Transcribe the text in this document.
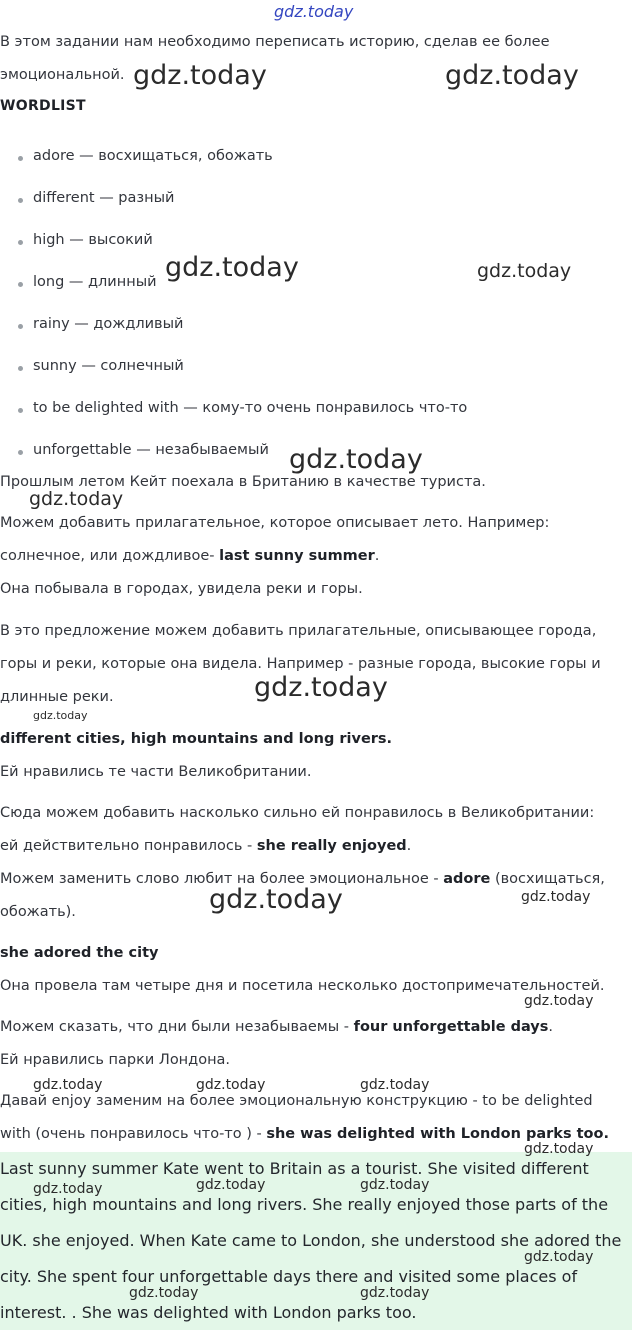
gdz.today
В этом задании нам необходимо переписать историю, сделав ее более
эмоциональной.
WORDLIST
adore — восхищаться, обожать
different — разный
high — высокий
long — длинный
rainy — дождливый
sunny — солнечный
to be delighted with — кому-то очень понравилось что-то
unforgettable — незабываемый
Прошлым летом Кейт поехала в Британию в качестве туриста.
Можем добавить прилагательное, которое описывает лето. Например:
солнечное, или дождливое- last sunny summer.
Она побывала в городах, увидела реки и горы.
В это предложение можем добавить прилагательные, описывающее города,
горы и реки, которые она видела. Например - разные города, высокие горы и
длинные реки.
different cities, high mountains and long rivers.
Ей нравились те части Великобритании.
Сюда можем добавить насколько сильно ей понравилось в Великобритании:
ей действительно понравилось - she really enjoyed.
Можем заменить слово любит на более эмоциональное - adore (восхищаться,
обожать).
she adored the city
Она провела там четыре дня и посетила несколько достопримечательностей.
Можем сказать, что дни были незабываемы - four unforgettable days.
Ей нравились парки Лондона.
Давай enjoy заменим на более эмоциональную конструкцию - to be delighted
with (очень понравилось что-то ) - she was delighted with London parks too.
Last sunny summer Kate went to Britain as a tourist. She visited different
cities, high mountains and long rivers. She really enjoyed those parts of the
UK. she enjoyed. When Kate came to London, she understood she adored the
city. She spent four unforgettable days there and visited some places of
interest. . She was delighted with London parks too.
gdz.today	gdz.today
gdz.today	gdz.today
gdz.today
gdz.today
gdz.today
gdz.today
gdz.today	gdz.today
gdz.today
gdz.today	gdz.today	gdz.today
gdz.today
gdz.today	gdz.today	gdz.today
gdz.today
gdz.today	gdz.today
